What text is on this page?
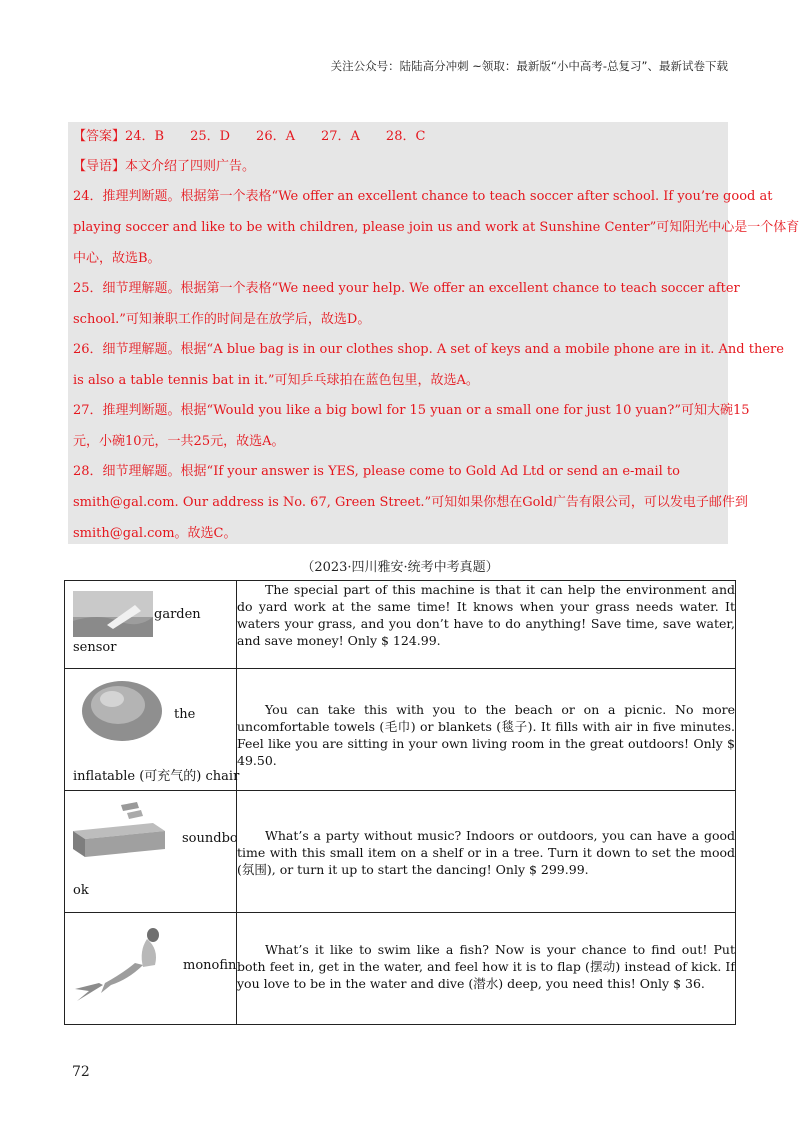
关注公众号：陆陆高分冲刺 ~领取：最新版“小中高考-总复习”、最新试卷下载
【答案】24．B　　25．D　　26．A　　27．A　　28．C
【导语】本文介绍了四则广告。
24．推理判断题。根据第一个表格“We offer an excellent chance to teach soccer after school. If you’re good at
playing soccer and like to be with children, please join us and work at Sunshine Center”可知阳光中心是一个体育
中心，故选B。
25．细节理解题。根据第一个表格“We need your help. We offer an excellent chance to teach soccer after
school.”可知兼职工作的时间是在放学后，故选D。
26．细节理解题。根据“A blue bag is in our clothes shop. A set of keys and a mobile phone are in it. And there
is also a table tennis bat in it.”可知乒乓球拍在蓝色包里，故选A。
27．推理判断题。根据“Would you like a big bowl for 15 yuan or a small one for just 10 yuan?”可知大碗15
元，小碗10元，一共25元，故选A。
28．细节理解题。根据“If your answer is YES, please come to Gold Ad Ltd or send an e-mail to
smith@gal.com. Our address is No. 67, Green Street.”可知如果你想在Gold广告有限公司，可以发电子邮件到
smith@gal.com。故选C。
（2023·四川雅安·统考中考真题）
garden
sensor	The special part of this machine is that it can help the environment and do yard work at the same time! It knows when your grass needs water. It waters your grass, and you don’t have to do anything! Save time, save water, and save money! Only $ 124.99.

the
inflatable (可充气的) chair	You can take this with you to the beach or on a picnic. No more uncomfortable towels (毛巾) or blankets (毯子). It fills with air in five minutes. Feel like you are sitting in your own living room in the great outdoors! Only $ 49.50.

soundbo
ok	What’s a party without music? Indoors or outdoors, you can have a good time with this small item on a shelf or in a tree. Turn it down to set the mood (氛围), or turn it up to start the dancing! Only $ 299.99.

monofin	What’s it like to swim like a fish? Now is your chance to find out! Put both feet in, get in the water, and feel how it is to flap (摆动) instead of kick. If you love to be in the water and dive (潜水) deep, you need this! Only $ 36.

72
